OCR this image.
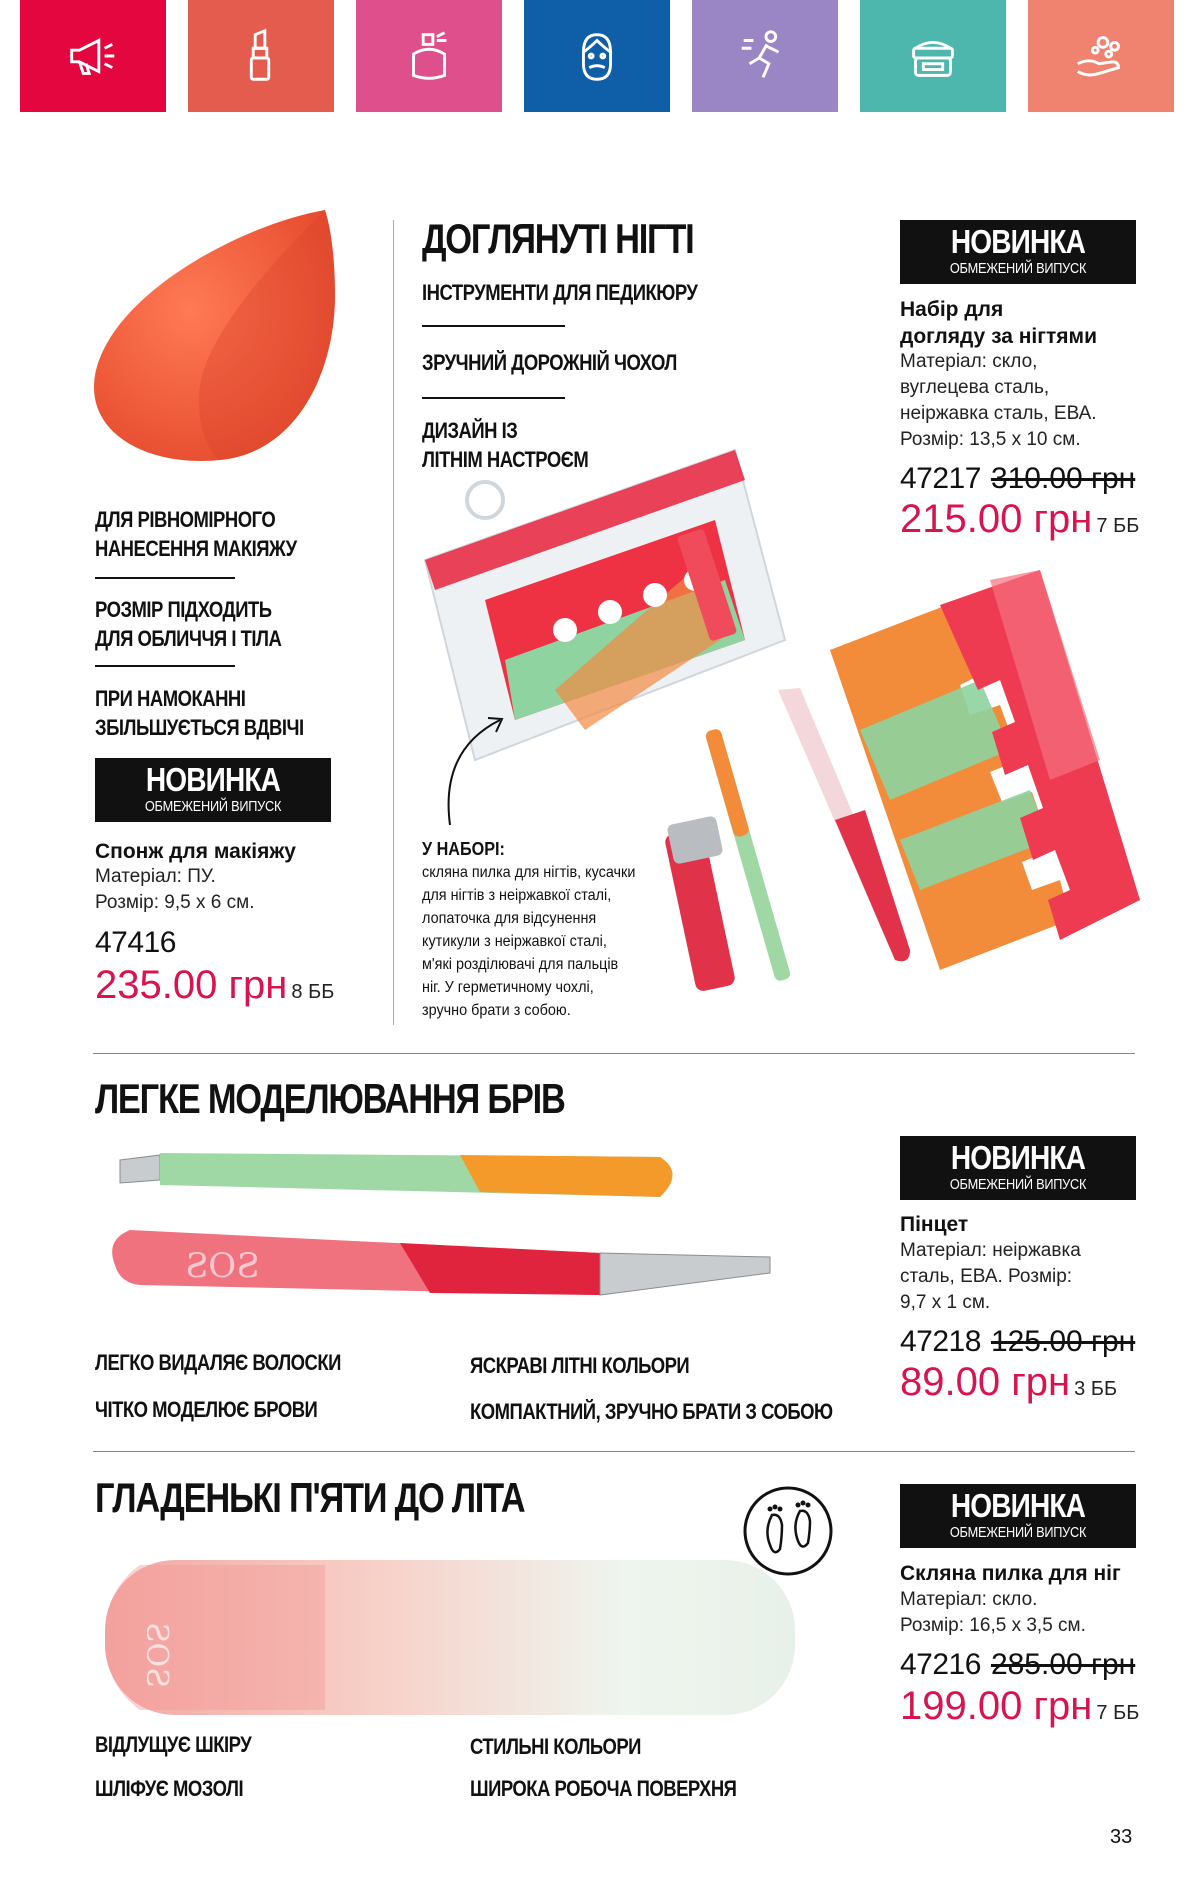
ДЛЯ РІВНОМІРНОГО
НАНЕСЕННЯ МАКІЯЖУ
РОЗМІР ПІДХОДИТЬ
ДЛЯ ОБЛИЧЧЯ І ТІЛА
ПРИ НАМОКАННІ
ЗБІЛЬШУЄТЬСЯ ВДВІЧІ
НОВИНКА
ОБМЕЖЕНИЙ ВИПУСК
Спонж для макіяжу
Матеріал: ПУ.
Розмір: 9,5 х 6 см.
47416
235.00 грн 8 ББ
ДОГЛЯНУТІ НІГТІ
ІНСТРУМЕНТИ ДЛЯ ПЕДИКЮРУ
ЗРУЧНИЙ ДОРОЖНІЙ ЧОХОЛ
ДИЗАЙН ІЗ
ЛІТНІМ НАСТРОЄМ
У НАБОРІ:
скляна пилка для нігтів, кусачки
для нігтів з неіржавкої сталі,
лопаточка для відсунення
кутикули з неіржавкої сталі,
м'які розділювачі для пальців
ніг. У герметичному чохлі,
зручно брати з собою.
НОВИНКА
ОБМЕЖЕНИЙ ВИПУСК
Набір для
догляду за нігтями
Матеріал: скло,
вуглецева сталь,
неіржавка сталь, ЕВА.
Розмір: 13,5 х 10 см.
47217 310.00 грн
215.00 грн 7 ББ
ЛЕГКЕ МОДЕЛЮВАННЯ БРІВ
ƧOƧ
ЛЕГКО ВИДАЛЯЄ ВОЛОСКИ
ЧІТКО МОДЕЛЮЄ БРОВИ
ЯСКРАВІ ЛІТНІ КОЛЬОРИ
КОМПАКТНИЙ, ЗРУЧНО БРАТИ З СОБОЮ
НОВИНКА
ОБМЕЖЕНИЙ ВИПУСК
Пінцет
Матеріал: неіржавка
сталь, ЕВА. Розмір:
9,7 х 1 см.
47218 125.00 грн
89.00 грн 3 ББ
ГЛАДЕНЬКІ П'ЯТИ ДО ЛІТА
ƧOƧ
ВІДЛУЩУЄ ШКІРУ
ШЛІФУЄ МОЗОЛІ
СТИЛЬНІ КОЛЬОРИ
ШИРОКА РОБОЧА ПОВЕРХНЯ
НОВИНКА
ОБМЕЖЕНИЙ ВИПУСК
Скляна пилка для ніг
Матеріал: скло.
Розмір: 16,5 х 3,5 см.
47216 285.00 грн
199.00 грн 7 ББ
33
